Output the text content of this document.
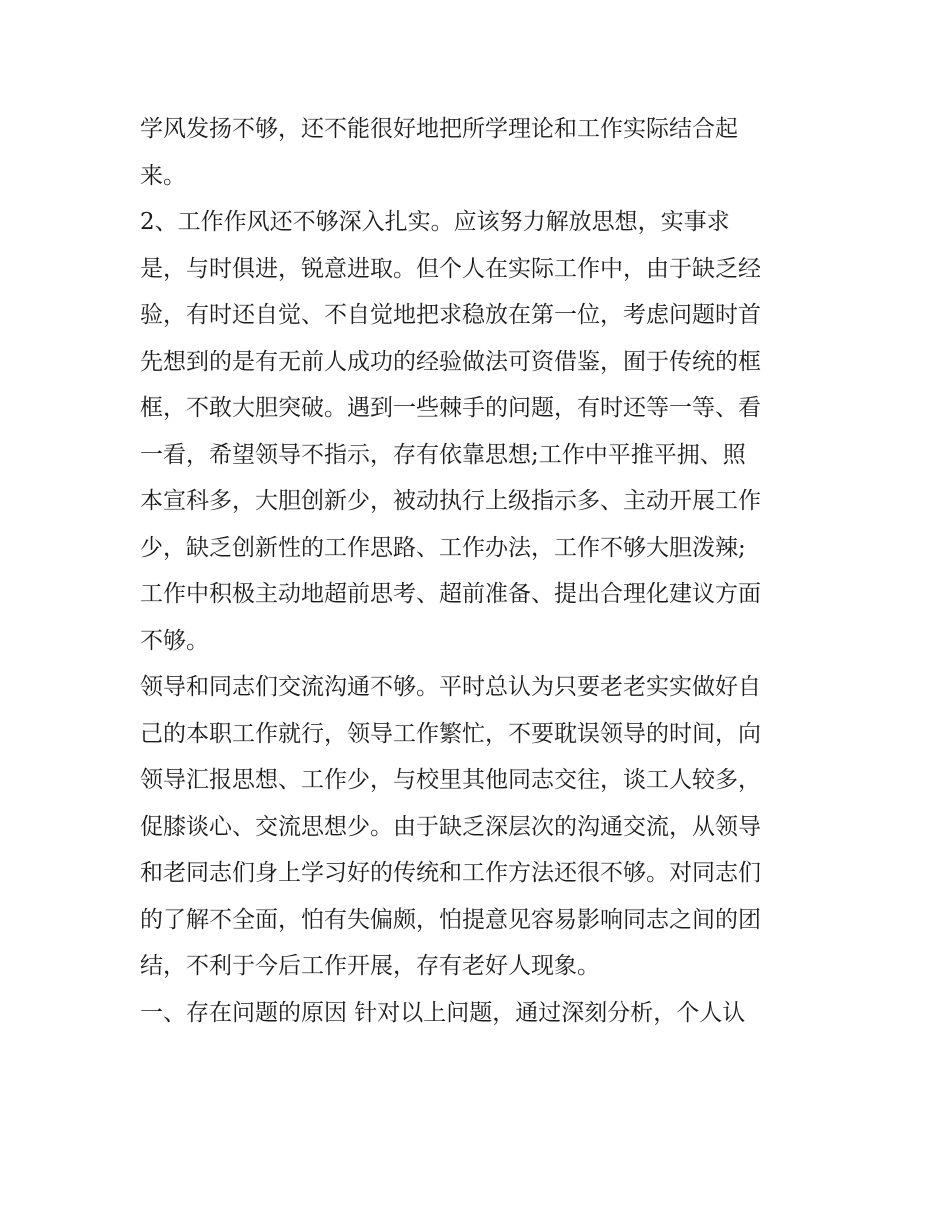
学风发扬不够，还不能很好地把所学理论和工作实际结合起
来。
2、工作作风还不够深入扎实。应该努力解放思想，实事求
是，与时俱进，锐意进取。但个人在实际工作中，由于缺乏经
验，有时还自觉、不自觉地把求稳放在第一位，考虑问题时首
先想到的是有无前人成功的经验做法可资借鉴，囿于传统的框
框，不敢大胆突破。遇到一些棘手的问题，有时还等一等、看
一看，希望领导不指示，存有依靠思想;工作中平推平拥、照
本宣科多，大胆创新少，被动执行上级指示多、主动开展工作
少，缺乏创新性的工作思路、工作办法，工作不够大胆泼辣;
工作中积极主动地超前思考、超前准备、提出合理化建议方面
不够。
领导和同志们交流沟通不够。平时总认为只要老老实实做好自
己的本职工作就行，领导工作繁忙，不要耽误领导的时间，向
领导汇报思想、工作少，与校里其他同志交往，谈工人较多，
促膝谈心、交流思想少。由于缺乏深层次的沟通交流，从领导
和老同志们身上学习好的传统和工作方法还很不够。对同志们
的了解不全面，怕有失偏颇，怕提意见容易影响同志之间的团
结，不利于今后工作开展，存有老好人现象。
一、存在问题的原因 针对以上问题，通过深刻分析，个人认
